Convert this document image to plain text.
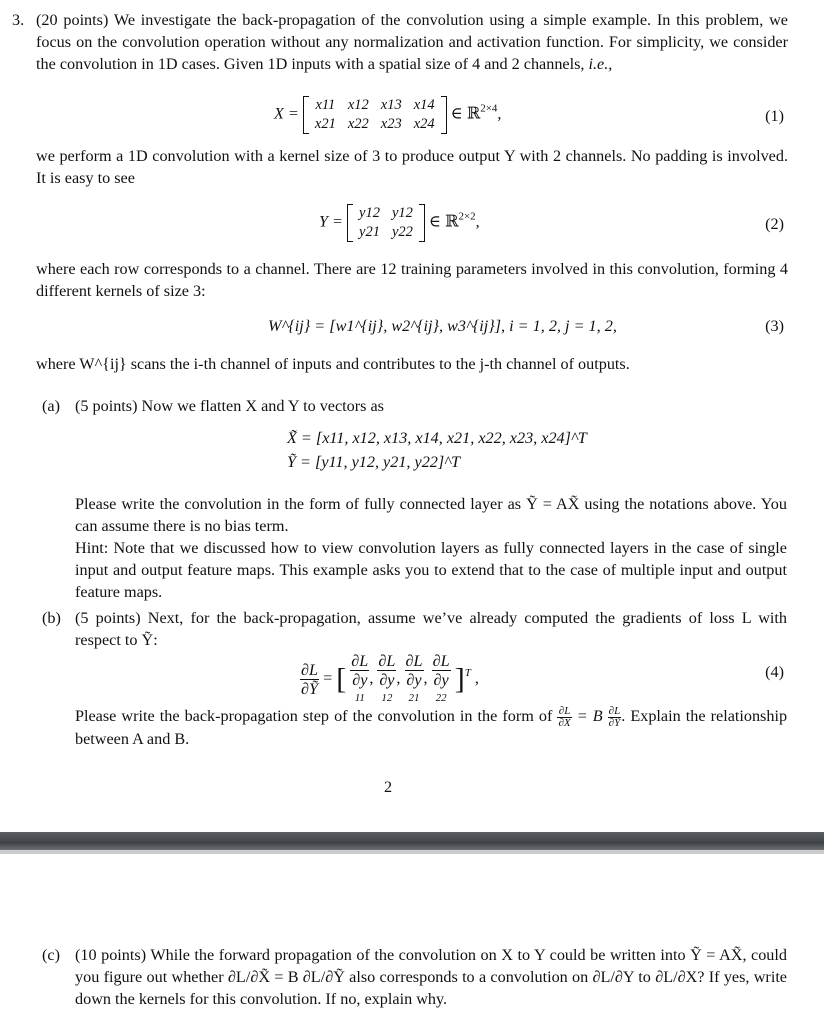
3. (20 points) We investigate the back-propagation of the convolution using a simple example. In this problem, we focus on the convolution operation without any normalization and activation function. For simplicity, we consider the convolution in 1D cases. Given 1D inputs with a spatial size of 4 and 2 channels, i.e.,
X = x11	x12	x13	x14
x21	x22	x23	x24
∈ ℝ$^{2\times 4}$,	(1)
we perform a 1D convolution with a kernel size of 3 to produce output Y with 2 channels. No padding is involved. It is easy to see
Y = y12	y12
y21	y22
∈ ℝ$^{2\times 2}$,	(2)
where each row corresponds to a channel. There are 12 training parameters involved in this convolution, forming 4 different kernels of size 3:
W^{ij} = [w1^{ij}, w2^{ij}, w3^{ij}], i = 1, 2, j = 1, 2,	(3)
where W^{ij} scans the i-th channel of inputs and contributes to the j-th channel of outputs.
(a) (5 points) Now we flatten X and Y to vectors as
X̃ = [x11, x12, x13, x14, x21, x22, x23, x24]^T
Ỹ = [y11, y12, y21, y22]^T
Please write the convolution in the form of fully connected layer as Ỹ = AX̃ using the notations above. You can assume there is no bias term.
Hint: Note that we discussed how to view convolution layers as fully connected layers in the case of single input and output feature maps. This example asks you to extend that to the case of multiple input and output feature maps.
(b) (5 points) Next, for the back-propagation, assume we’ve already computed the gradients of loss L with respect to Ỹ:
$\frac{\partial L}{\text{∂Ỹ}}$ = [ ∂L
∂y
11 , ∂L
∂y
12 , ∂L
∂y
21 , ∂L
∂y
22 ]$^T$ ,	(4)
Please write the back-propagation step of the convolution in the form of $\frac{\partial L}{\partial X̃} = B \frac{\partial L}{\text{∂Ỹ}}$ . Explain the relationship between A and B.
2
(c) (10 points) While the forward propagation of the convolution on X to Y could be written into Ỹ = AX̃, could you figure out whether ∂L/∂X̃ = B ∂L/∂Ỹ also corresponds to a convolution on ∂L/∂Y to ∂L/∂X? If yes, write down the kernels for this convolution. If no, explain why.
